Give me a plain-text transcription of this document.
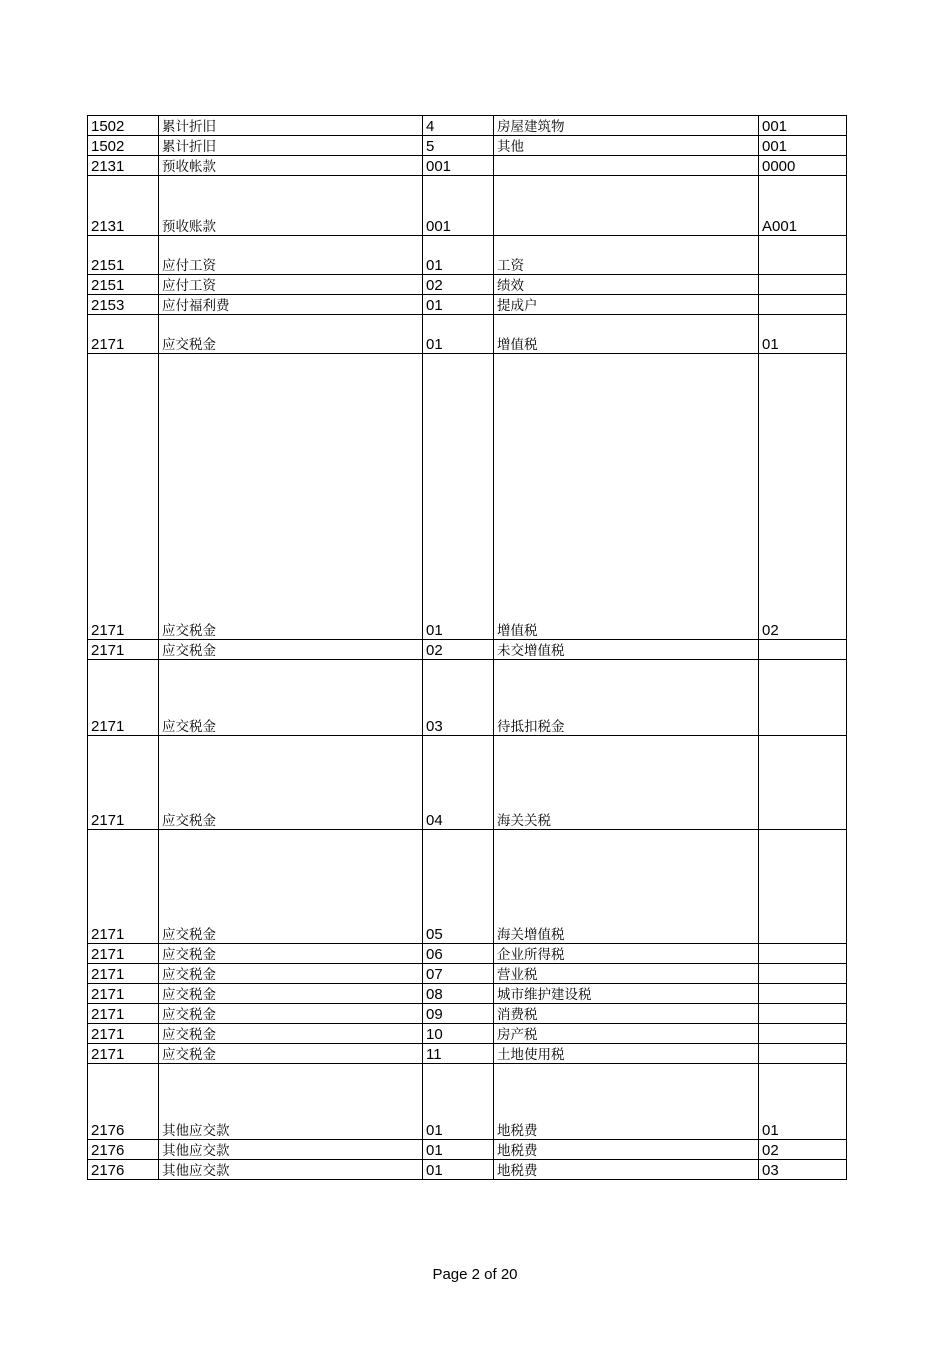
1502	累计折旧	4	房屋建筑物	001
1502	累计折旧	5	其他	001
2131	预收帐款	001		0000
2131	预收账款	001		A001
2151	应付工资	01	工资	
2151	应付工资	02	绩效	
2153	应付福利费	01	提成户	
2171	应交税金	01	增值税	01
2171	应交税金	01	增值税	02
2171	应交税金	02	未交增值税	
2171	应交税金	03	待抵扣税金	
2171	应交税金	04	海关关税	
2171	应交税金	05	海关增值税	
2171	应交税金	06	企业所得税	
2171	应交税金	07	营业税	
2171	应交税金	08	城市维护建设税	
2171	应交税金	09	消费税	
2171	应交税金	10	房产税	
2171	应交税金	11	土地使用税	
2176	其他应交款	01	地税费	01
2176	其他应交款	01	地税费	02
2176	其他应交款	01	地税费	03
Page 2 of 20
